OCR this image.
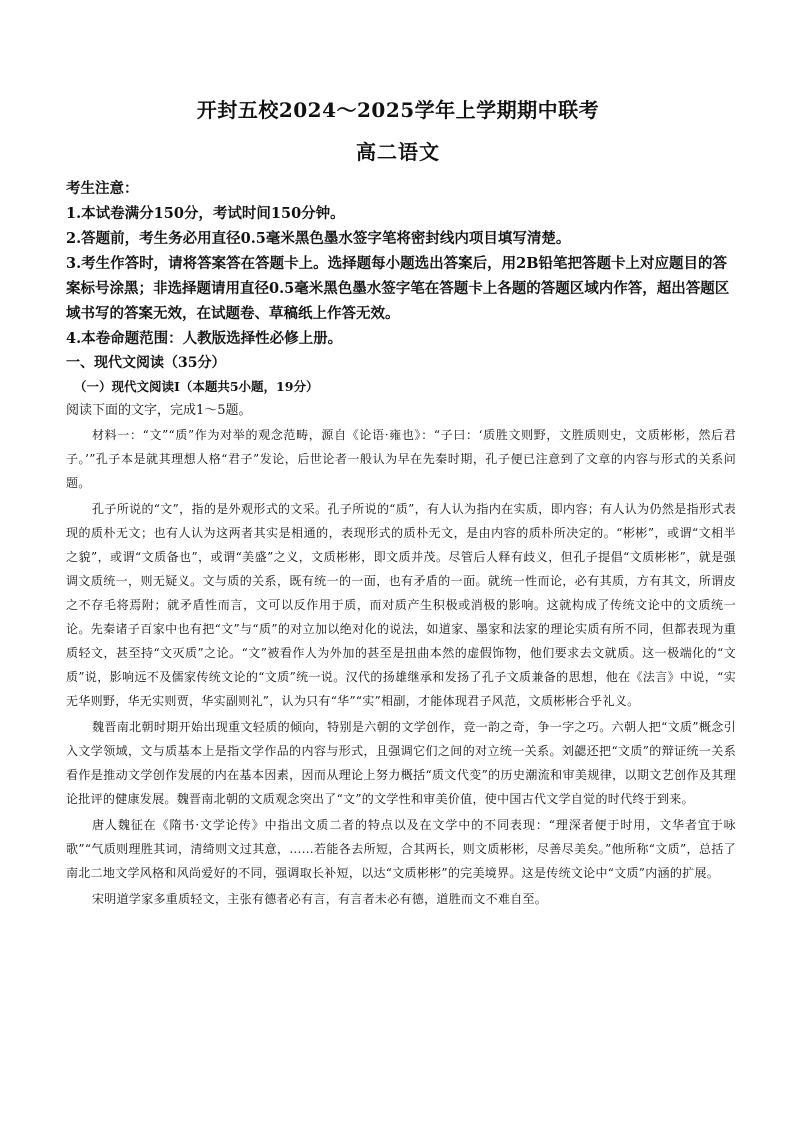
开封五校2024～2025学年上学期期中联考
高二语文

考生注意：

1.本试卷满分150分，考试时间150分钟。

2.答题前，考生务必用直径0.5毫米黑色墨水签字笔将密封线内项目填写清楚。

3.考生作答时，请将答案答在答题卡上。选择题每小题选出答案后，用2B铅笔把答题卡上对应题目的答案标号涂黑；非选择题请用直径0.5毫米黑色墨水签字笔在答题卡上各题的答题区域内作答，超出答题区域书写的答案无效，在试题卷、草稿纸上作答无效。

4.本卷命题范围：人教版选择性必修上册。

一、现代文阅读（35分）

（一）现代文阅读Ⅰ（本题共5小题，19分）

阅读下面的文字，完成1～5题。

材料一：“文”“质”作为对举的观念范畴，源自《论语·雍也》：“子曰：‘质胜文则野，文胜质则史，文质彬彬，然后君子。’”孔子本是就其理想人格“君子”发论，后世论者一般认为早在先秦时期，孔子便已注意到了文章的内容与形式的关系问题。

孔子所说的“文”，指的是外观形式的文采。孔子所说的“质”，有人认为指内在实质，即内容；有人认为仍然是指形式表现的质朴无文；也有人认为这两者其实是相通的，表现形式的质朴无文，是由内容的质朴所决定的。“彬彬”，或谓“文相半之貌”，或谓“文质备也”，或谓“美盛”之义，文质彬彬，即文质并茂。尽管后人释有歧义，但孔子提倡“文质彬彬”，就是强调文质统一，则无疑义。文与质的关系，既有统一的一面，也有矛盾的一面。就统一性而论，必有其质，方有其文，所谓皮之不存毛将焉附；就矛盾性而言，文可以反作用于质，而对质产生积极或消极的影响。这就构成了传统文论中的文质统一论。先秦诸子百家中也有把“文”与“质”的对立加以绝对化的说法，如道家、墨家和法家的理论实质有所不同，但都表现为重质轻文，甚至持“文灭质”之论。“文”被看作人为外加的甚至是扭曲本然的虚假饰物，他们要求去文就质。这一极端化的“文质”说，影响远不及儒家传统文论的“文质”统一说。汉代的扬雄继承和发扬了孔子文质兼备的思想，他在《法言》中说，“实无华则野，华无实则贾，华实副则礼”，认为只有“华”“实”相副，才能体现君子风范，文质彬彬合乎礼义。

魏晋南北朝时期开始出现重文轻质的倾向，特别是六朝的文学创作，竞一韵之奇，争一字之巧。六朝人把“文质”概念引入文学领域，文与质基本上是指文学作品的内容与形式，且强调它们之间的对立统一关系。刘勰还把“文质”的辩证统一关系看作是推动文学创作发展的内在基本因素，因而从理论上努力概括“质文代变”的历史潮流和审美规律，以期文艺创作及其理论批评的健康发展。魏晋南北朝的文质观念突出了“文”的文学性和审美价值，使中国古代文学自觉的时代终于到来。

唐人魏征在《隋书·文学论传》中指出文质二者的特点以及在文学中的不同表现：“理深者便于时用，文华者宜于咏歌”“气质则理胜其词，清绮则文过其意，……若能各去所短，合其两长，则文质彬彬，尽善尽美矣。”他所称“文质”，总括了南北二地文学风格和风尚爱好的不同，强调取长补短，以达“文质彬彬”的完美境界。这是传统文论中“文质”内涵的扩展。

宋明道学家多重质轻文，主张有德者必有言，有言者未必有德，道胜而文不难自至。
